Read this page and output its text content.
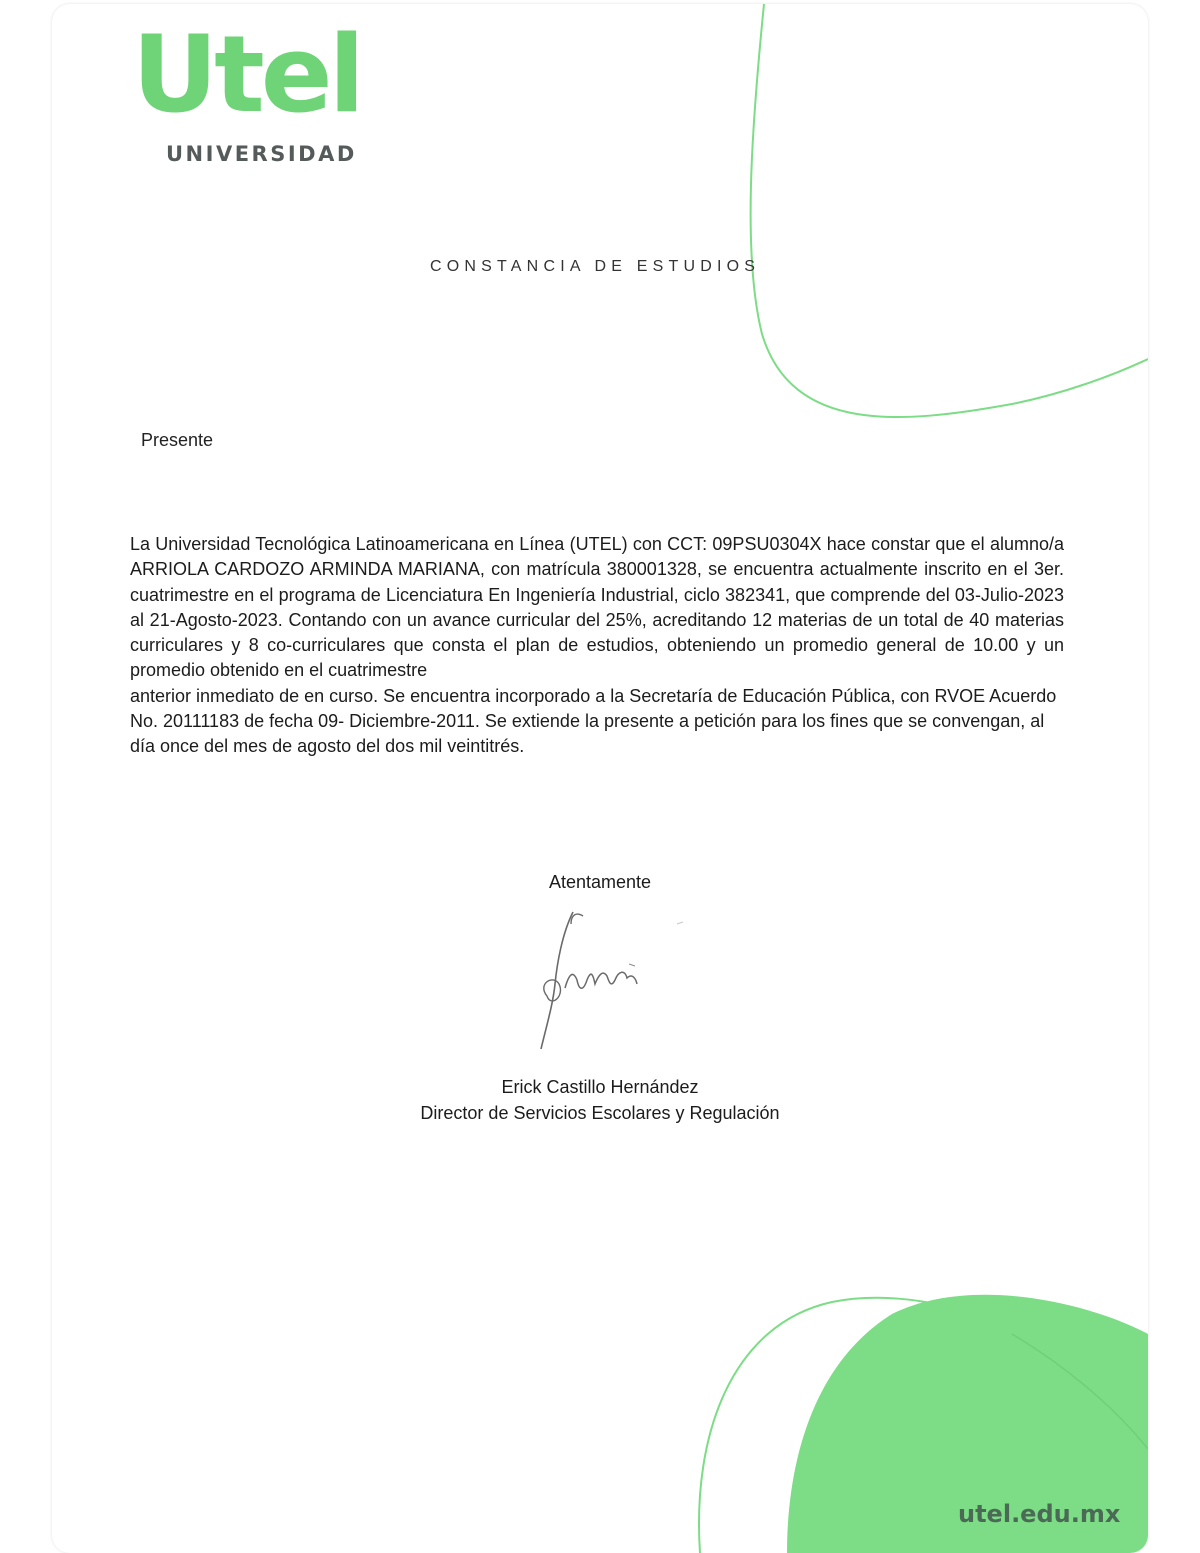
Utel
UNIVERSIDAD
CONSTANCIA DE ESTUDIOS
Presente

La Universidad Tecnológica Latinoamericana en Línea (UTEL) con CCT: 09PSU0304X hace constar que el alumno/a ARRIOLA CARDOZO ARMINDA MARIANA, con matrícula 380001328, se encuentra actualmente inscrito en el 3er. cuatrimestre en el programa de Licenciatura En Ingeniería Industrial, ciclo 382341, que comprende del 03-Julio-2023 al 21-Agosto-2023. Contando con un avance curricular del 25%, acreditando 12 materias de un total de 40 materias curriculares y 8 co-curriculares que consta el plan de estudios, obteniendo un promedio general de 10.00 y un promedio obtenido en el cuatrimestre

anterior inmediato de en curso. Se encuentra incorporado a la Secretaría de Educación Pública, con RVOE Acuerdo No. 20111183 de fecha 09- Diciembre-2011. Se extiende la presente a petición para los fines que se convengan, al día once del mes de agosto del dos mil veintitrés.

Atentamente
Erick Castillo Hernández
Director de Servicios Escolares y Regulación
utel.edu.mx
